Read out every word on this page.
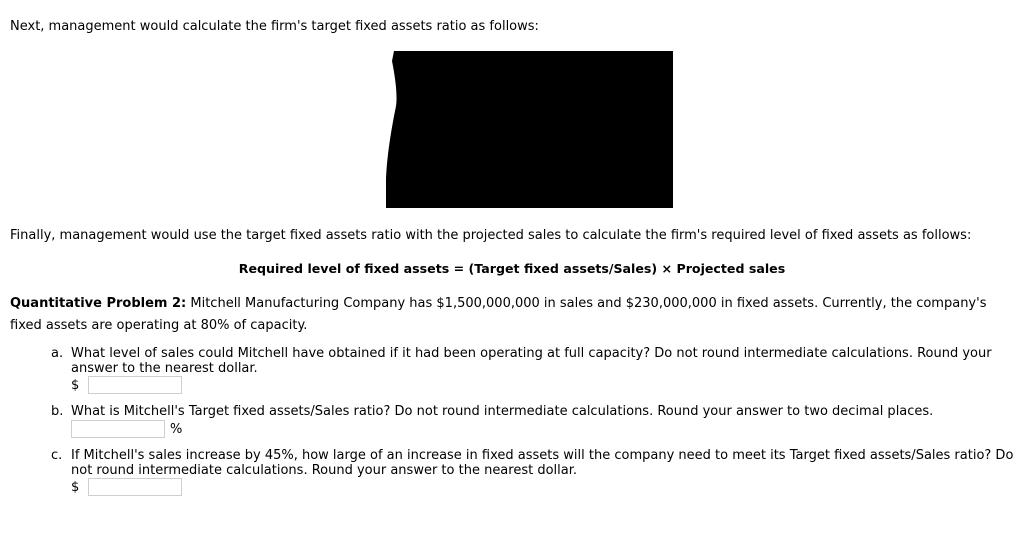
Next, management would calculate the firm's target fixed assets ratio as follows:
Finally, management would use the target fixed assets ratio with the projected sales to calculate the firm's required level of fixed assets as follows:
Required level of fixed assets = (Target fixed assets/Sales) × Projected sales
Quantitative Problem 2: Mitchell Manufacturing Company has $1,500,000,000 in sales and $230,000,000 in fixed assets. Currently, the company's fixed assets are operating at 80% of capacity.
a. What level of sales could Mitchell have obtained if it had been operating at full capacity? Do not round intermediate calculations. Round your answer to the nearest dollar.
$
b. What is Mitchell's Target fixed assets/Sales ratio? Do not round intermediate calculations. Round your answer to two decimal places.
%
c. If Mitchell's sales increase by 45%, how large of an increase in fixed assets will the company need to meet its Target fixed assets/Sales ratio? Do not round intermediate calculations. Round your answer to the nearest dollar.
$
